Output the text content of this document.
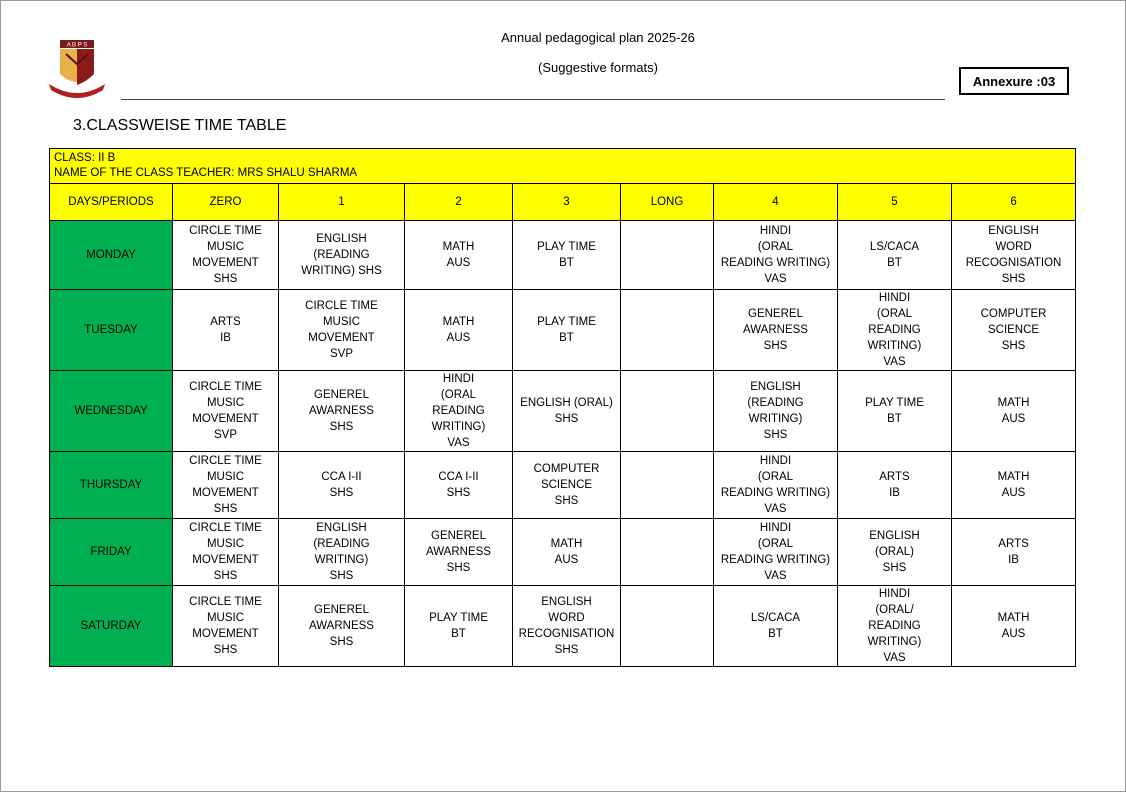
A B P S
Annual pedagogical plan 2025-26
(Suggestive formats)
Annexure :03
3.CLASSWEISE TIME TABLE
CLASS: II B
NAME OF THE CLASS TEACHER: MRS SHALU SHARMA								

DAYS/PERIODS	ZERO	1	2	3	LONG	4	5	6
MONDAY	CIRCLE TIME
MUSIC
MOVEMENT
SHS	ENGLISH
(READING
WRITING) SHS	MATH
AUS	PLAY TIME
BT		HINDI
(ORAL
READING WRITING)
VAS	LS/CACA
BT	ENGLISH
WORD
RECOGNISATION
SHS

TUESDAY	ARTS
IB	CIRCLE TIME
MUSIC
MOVEMENT
SVP	MATH
AUS	PLAY TIME
BT		GENEREL
AWARNESS
SHS	HINDI
(ORAL
READING
WRITING)
VAS	COMPUTER
SCIENCE
SHS

WEDNESDAY	CIRCLE TIME
MUSIC
MOVEMENT
SVP	GENEREL
AWARNESS
SHS	HINDI
(ORAL
READING
WRITING)
VAS	ENGLISH (ORAL)
SHS		ENGLISH
(READING
WRITING)
SHS	PLAY TIME
BT	MATH
AUS

THURSDAY	CIRCLE TIME
MUSIC
MOVEMENT
SHS	CCA I-II
SHS	CCA I-II
SHS	COMPUTER
SCIENCE
SHS		HINDI
(ORAL
READING WRITING)
VAS	ARTS
IB	MATH
AUS

FRIDAY	CIRCLE TIME
MUSIC
MOVEMENT
SHS	ENGLISH
(READING
WRITING)
SHS	GENEREL
AWARNESS
SHS	MATH
AUS		HINDI
(ORAL
READING WRITING)
VAS	ENGLISH
(ORAL)
SHS	ARTS
IB

SATURDAY	CIRCLE TIME
MUSIC
MOVEMENT
SHS	GENEREL
AWARNESS
SHS	PLAY TIME
BT	ENGLISH
WORD
RECOGNISATION
SHS		LS/CACA
BT	HINDI
(ORAL/
READING
WRITING)
VAS	MATH
AUS
